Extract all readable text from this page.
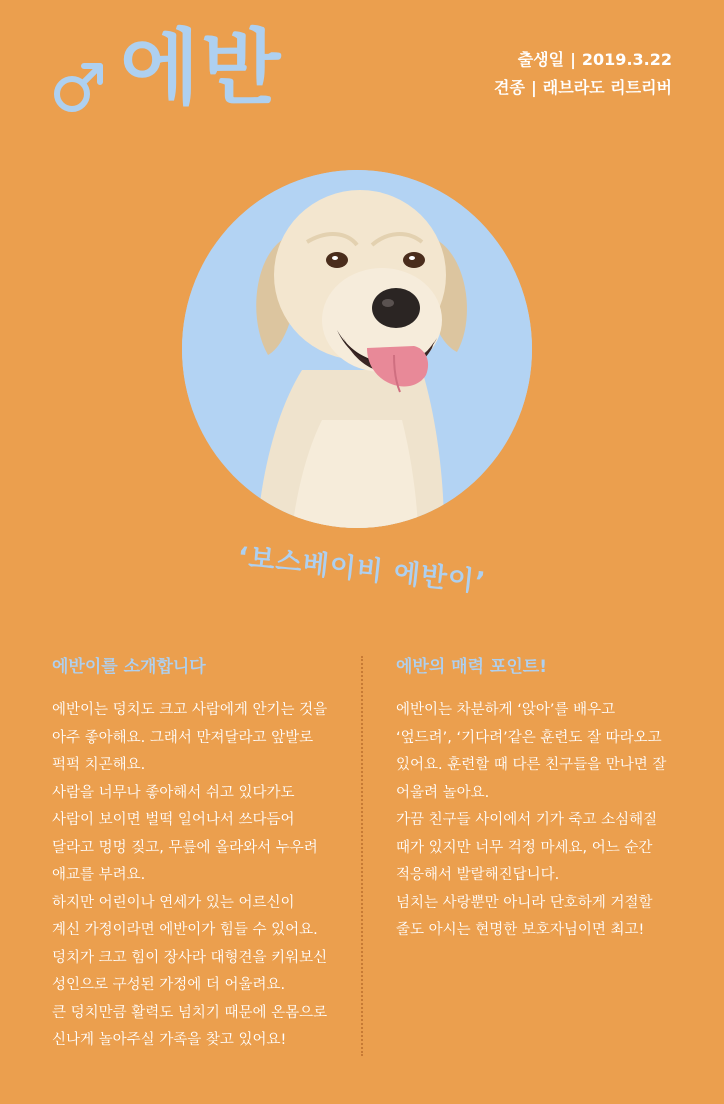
에반	출생일 | 2019.3.22
견종 | 래브라도 리트리버
‘보스베이비 에반이’
에반이를 소개합니다
에반이는 덩치도 크고 사람에게 안기는 것을
아주 좋아해요. 그래서 만져달라고 앞발로
퍽퍽 치곤해요.
사람을 너무나 좋아해서 쉬고 있다가도
사람이 보이면 벌떡 일어나서 쓰다듬어
달라고 멍멍 짖고, 무릎에 올라와서 누우려
애교를 부려요.
하지만 어린이나 연세가 있는 어르신이
계신 가정이라면 에반이가 힘들 수 있어요.
덩치가 크고 힘이 장사라 대형견을 키워보신
성인으로 구성된 가정에 더 어울려요.
큰 덩치만큼 활력도 넘치기 때문에 온몸으로
신나게 놀아주실 가족을 찾고 있어요!
에반의 매력 포인트!
에반이는 차분하게 ‘앉아’를 배우고
‘엎드려’, ‘기다려’같은 훈련도 잘 따라오고
있어요. 훈련할 때 다른 친구들을 만나면 잘
어울려 놀아요.
가끔 친구들 사이에서 기가 죽고 소심해질
때가 있지만 너무 걱정 마세요, 어느 순간
적응해서 발랄해진답니다.
넘치는 사랑뿐만 아니라 단호하게 거절할
줄도 아시는 현명한 보호자님이면 최고!
